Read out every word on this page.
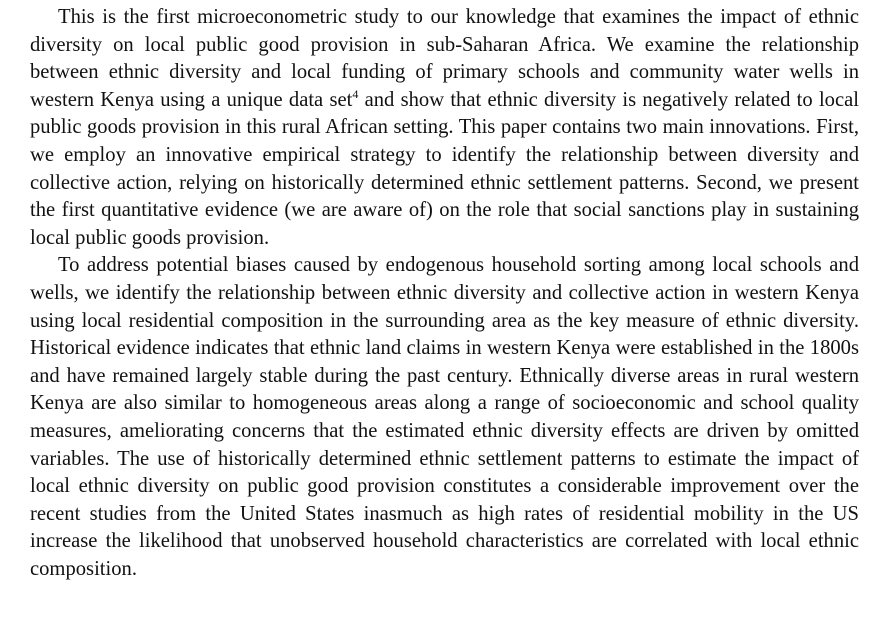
This is the first microeconometric study to our knowledge that examines the impact of ethnic diversity on local public good provision in sub-Saharan Africa. We examine the relationship between ethnic diversity and local funding of primary schools and community water wells in western Kenya using a unique data set$^4$ and show that ethnic diversity is negatively related to local public goods provision in this rural African setting. This paper contains two main innovations. First, we employ an innovative empirical strategy to identify the relationship between diversity and collective action, relying on historically determined ethnic settlement patterns. Second, we present the first quantitative evidence (we are aware of) on the role that social sanctions play in sustaining local public goods provision.

To address potential biases caused by endogenous household sorting among local schools and wells, we identify the relationship between ethnic diversity and collective action in western Kenya using local residential composition in the surrounding area as the key measure of ethnic diversity. Historical evidence indicates that ethnic land claims in western Kenya were established in the 1800s and have remained largely stable during the past century. Ethnically diverse areas in rural western Kenya are also similar to homogeneous areas along a range of socioeconomic and school quality measures, ameliorating concerns that the estimated ethnic diversity effects are driven by omitted variables. The use of historically determined ethnic settlement patterns to estimate the impact of local ethnic diversity on public good provision constitutes a considerable improvement over the recent studies from the United States inasmuch as high rates of residential mobility in the US increase the likelihood that unobserved household characteristics are correlated with local ethnic composition.
